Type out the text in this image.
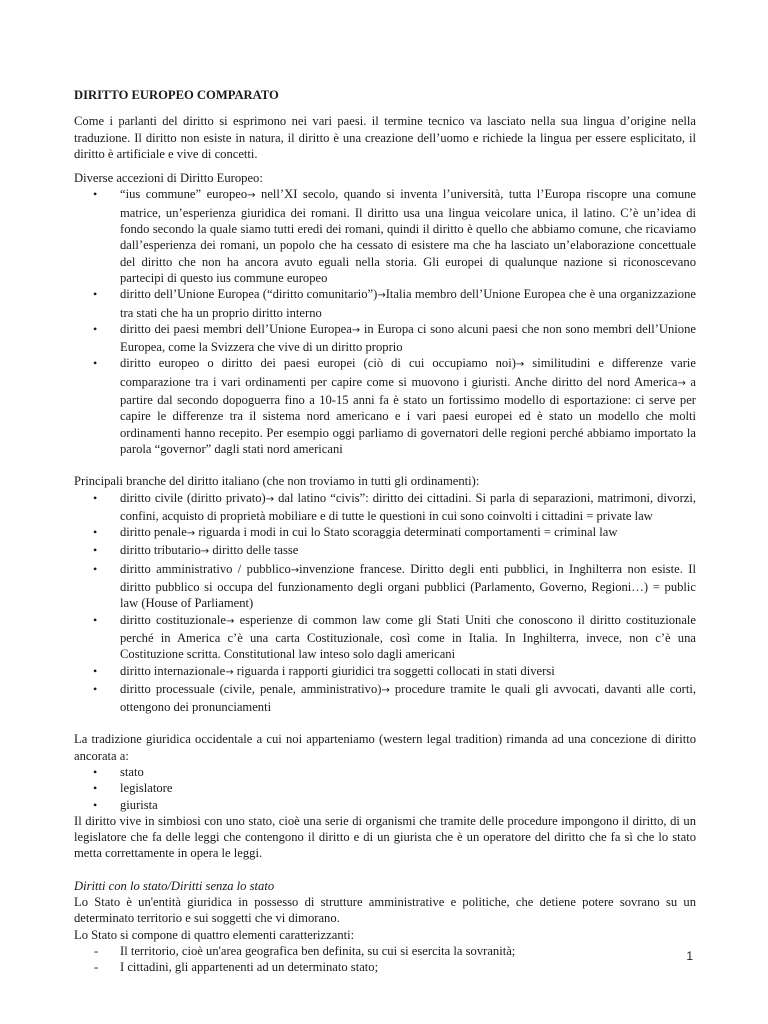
DIRITTO EUROPEO COMPARATO

Come i parlanti del diritto si esprimono nei vari paesi. il termine tecnico va lasciato nella sua lingua d’origine nella traduzione. Il diritto non esiste in natura, il diritto è una creazione dell’uomo e richiede la lingua per essere esplicitato, il diritto è artificiale e vive di concetti.

Diverse accezioni di Diritto Europeo:

• “ius commune” europeo→ nell’XI secolo, quando si inventa l’università, tutta l’Europa riscopre una comune matrice, un’esperienza giuridica dei romani. Il diritto usa una lingua veicolare unica, il latino. C’è un’idea di fondo secondo la quale siamo tutti eredi dei romani, quindi il diritto è quello che abbiamo comune, che ricaviamo dall’esperienza dei romani, un popolo che ha cessato di esistere ma che ha lasciato un’elaborazione concettuale del diritto che non ha ancora avuto eguali nella storia. Gli europei di qualunque nazione si riconoscevano partecipi di questo ius commune europeo
• diritto dell’Unione Europea (“diritto comunitario”)→Italia membro dell’Unione Europea che è una organizzazione tra stati che ha un proprio diritto interno
• diritto dei paesi membri dell’Unione Europea→ in Europa ci sono alcuni paesi che non sono membri dell’Unione Europea, come la Svizzera che vive di un diritto proprio
• diritto europeo o diritto dei paesi europei (ciò di cui occupiamo noi)→ similitudini e differenze varie comparazione tra i vari ordinamenti per capire come si muovono i giuristi. Anche diritto del nord America→ a partire dal secondo dopoguerra fino a 10-15 anni fa è stato un fortissimo modello di esportazione: ci serve per capire le differenze tra il sistema nord americano e i vari paesi europei ed è stato un modello che molti ordinamenti hanno recepito. Per esempio oggi parliamo di governatori delle regioni perché abbiamo importato la parola “governor” dagli stati nord americani

Principali branche del diritto italiano (che non troviamo in tutti gli ordinamenti):

• diritto civile (diritto privato)→ dal latino “civis”: diritto dei cittadini. Si parla di separazioni, matrimoni, divorzi, confini, acquisto di proprietà mobiliare e di tutte le questioni in cui sono coinvolti i cittadini = private law
• diritto penale→ riguarda i modi in cui lo Stato scoraggia determinati comportamenti = criminal law
• diritto tributario→ diritto delle tasse
• diritto amministrativo / pubblico→invenzione francese. Diritto degli enti pubblici, in Inghilterra non esiste. Il diritto pubblico si occupa del funzionamento degli organi pubblici (Parlamento, Governo, Regioni…) = public law (House of Parliament)
• diritto costituzionale→ esperienze di common law come gli Stati Uniti che conoscono il diritto costituzionale perché in America c’è una carta Costituzionale, così come in Italia. In Inghilterra, invece, non c’è una Costituzione scritta. Constitutional law inteso solo dagli americani
• diritto internazionale→ riguarda i rapporti giuridici tra soggetti collocati in stati diversi
• diritto processuale (civile, penale, amministrativo)→ procedure tramite le quali gli avvocati, davanti alle corti, ottengono dei pronunciamenti

La tradizione giuridica occidentale a cui noi apparteniamo (western legal tradition) rimanda ad una concezione di diritto ancorata a:

• stato
• legislatore
• giurista

Il diritto vive in simbiosi con uno stato, cioè una serie di organismi che tramite delle procedure impongono il diritto, di un legislatore che fa delle leggi che contengono il diritto e di un giurista che è un operatore del diritto che fa sì che lo stato metta correttamente in opera le leggi.

Diritti con lo stato/Diritti senza lo stato

Lo Stato è un'entità giuridica in possesso di strutture amministrative e politiche, che detiene potere sovrano su un determinato territorio e sui soggetti che vi dimorano.

Lo Stato si compone di quattro elementi caratterizzanti:

- Il territorio, cioè un'area geografica ben definita, su cui si esercita la sovranità;
- I cittadini, gli appartenenti ad un determinato stato;
1
